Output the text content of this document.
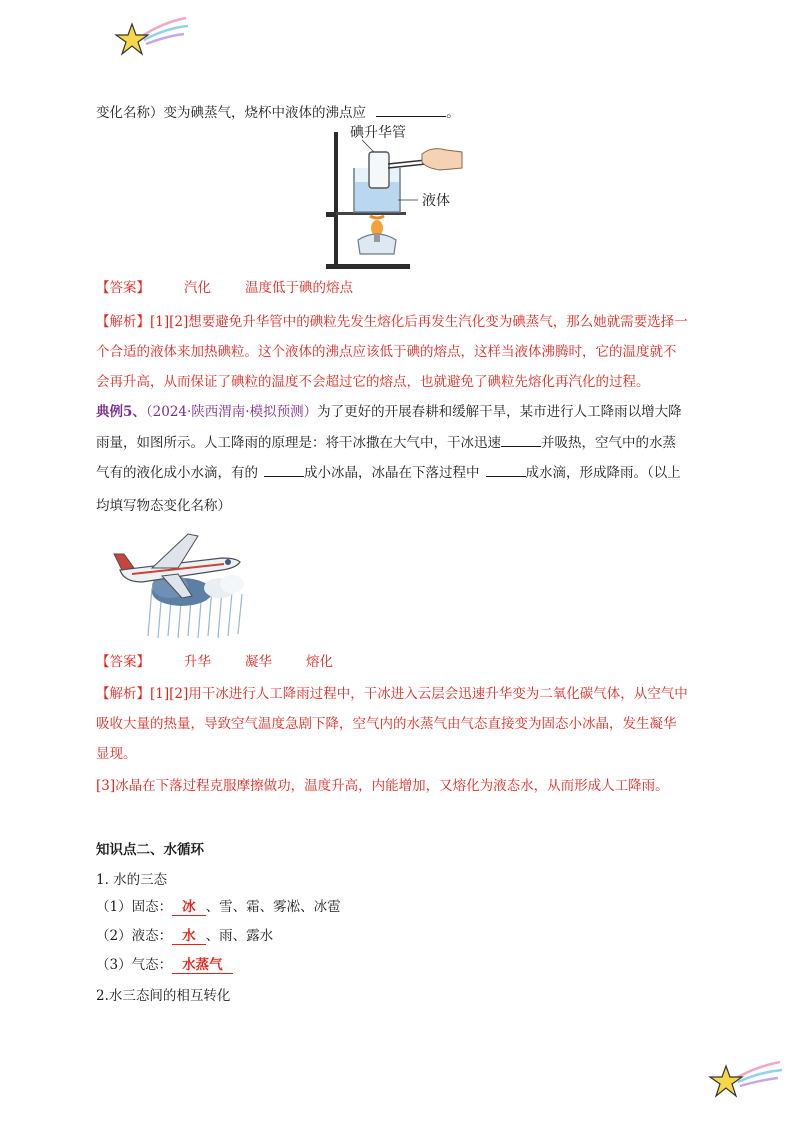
变化名称）变为碘蒸气，烧杯中液体的沸点应	。
碘升华管
液体
【答案】	汽化	温度低于碘的熔点
【解析】[1][2]想要避免升华管中的碘粒先发生熔化后再发生汽化变为碘蒸气，那么她就需要选择一
个合适的液体来加热碘粒。这个液体的沸点应该低于碘的熔点，这样当液体沸腾时，它的温度就不
会再升高，从而保证了碘粒的温度不会超过它的熔点，也就避免了碘粒先熔化再汽化的过程。
典例5、（2024·陕西渭南·模拟预测）为了更好的开展春耕和缓解干旱，某市进行人工降雨以增大降
雨量，如图所示。人工降雨的原理是：将干冰撒在大气中，干冰迅速	并吸热，空气中的水蒸
气有的液化成小水滴，有的	成小冰晶，冰晶在下落过程中	成水滴，形成降雨。（以上
均填写物态变化名称）
【答案】	升华	凝华	熔化
【解析】[1][2]用干冰进行人工降雨过程中，干冰进入云层会迅速升华变为二氧化碳气体，从空气中
吸收大量的热量，导致空气温度急剧下降，空气内的水蒸气由气态直接变为固态小冰晶，发生凝华
显现。
[3]冰晶在下落过程克服摩擦做功，温度升高，内能增加，又熔化为液态水，从而形成人工降雨。
知识点二、水循环
1. 水的三态
（1）固态： 冰 、雪、霜、雾凇、冰雹
（2）液态： 水 、雨、露水
（3）气态： 水蒸气
2.水三态间的相互转化
